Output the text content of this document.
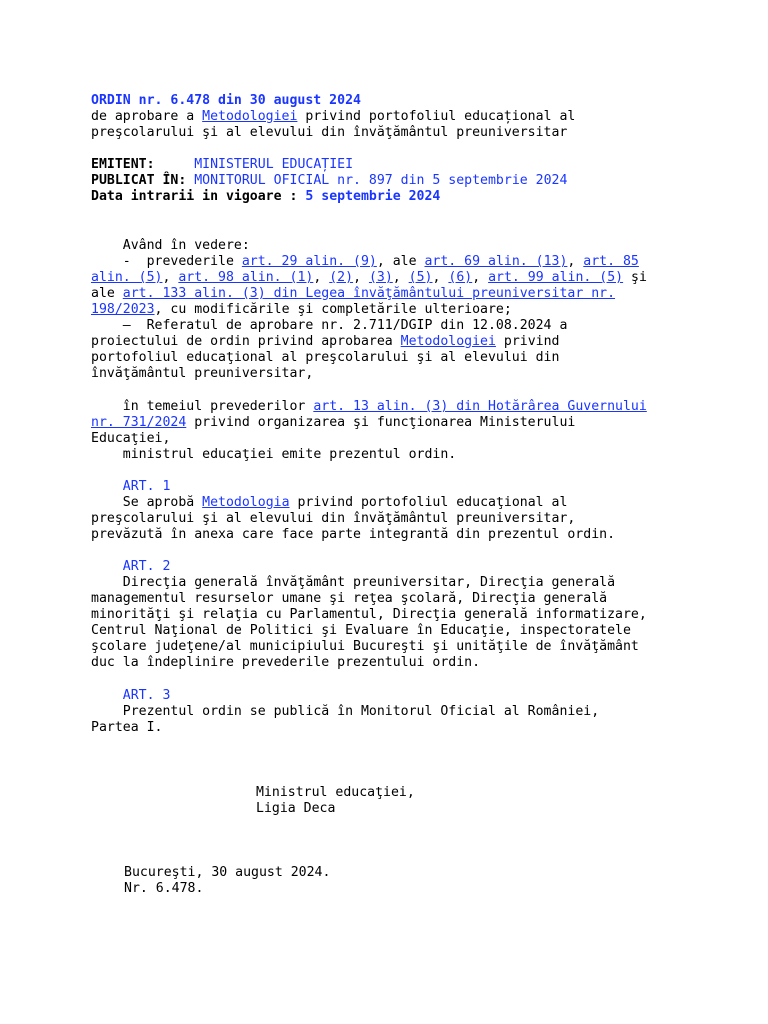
ORDIN nr. 6.478 din 30 august 2024
de aprobare a Metodologiei privind portofoliul educațional al
preşcolarului şi al elevului din învăţământul preuniversitar
EMITENT:	MINISTERUL EDUCAȚIEI
PUBLICAT ÎN: MONITORUL OFICIAL nr. 897 din 5 septembrie 2024
Data intrarii in vigoare : 5 septembrie 2024
Având în vedere:
-  prevederile art. 29 alin. (9), ale art. 69 alin. (13), art. 85
alin. (5), art. 98 alin. (1), (2), (3), (5), (6), art. 99 alin. (5) şi
ale art. 133 alin. (3) din Legea învăţământului preuniversitar nr.
198/2023, cu modificările şi completările ulterioare;
–  Referatul de aprobare nr. 2.711/DGIP din 12.08.2024 a
proiectului de ordin privind aprobarea Metodologiei privind
portofoliul educaţional al preşcolarului şi al elevului din
învăţământul preuniversitar,
în temeiul prevederilor art. 13 alin. (3) din Hotărârea Guvernului
nr. 731/2024 privind organizarea şi funcţionarea Ministerului
Educaţiei,
ministrul educaţiei emite prezentul ordin.
ART. 1
Se aprobă Metodologia privind portofoliul educaţional al
preşcolarului şi al elevului din învăţământul preuniversitar,
prevăzută în anexa care face parte integrantă din prezentul ordin.
ART. 2
Direcţia generală învăţământ preuniversitar, Direcţia generală
managementul resurselor umane şi reţea şcolară, Direcţia generală
minorităţi şi relaţia cu Parlamentul, Direcţia generală informatizare,
Centrul Naţional de Politici şi Evaluare în Educaţie, inspectoratele
şcolare judeţene/al municipiului Bucureşti şi unităţile de învăţământ
duc la îndeplinire prevederile prezentului ordin.
ART. 3
Prezentul ordin se publică în Monitorul Oficial al României,
Partea I.
Ministrul educaţiei,
Ligia Deca
Bucureşti, 30 august 2024.
Nr. 6.478.
